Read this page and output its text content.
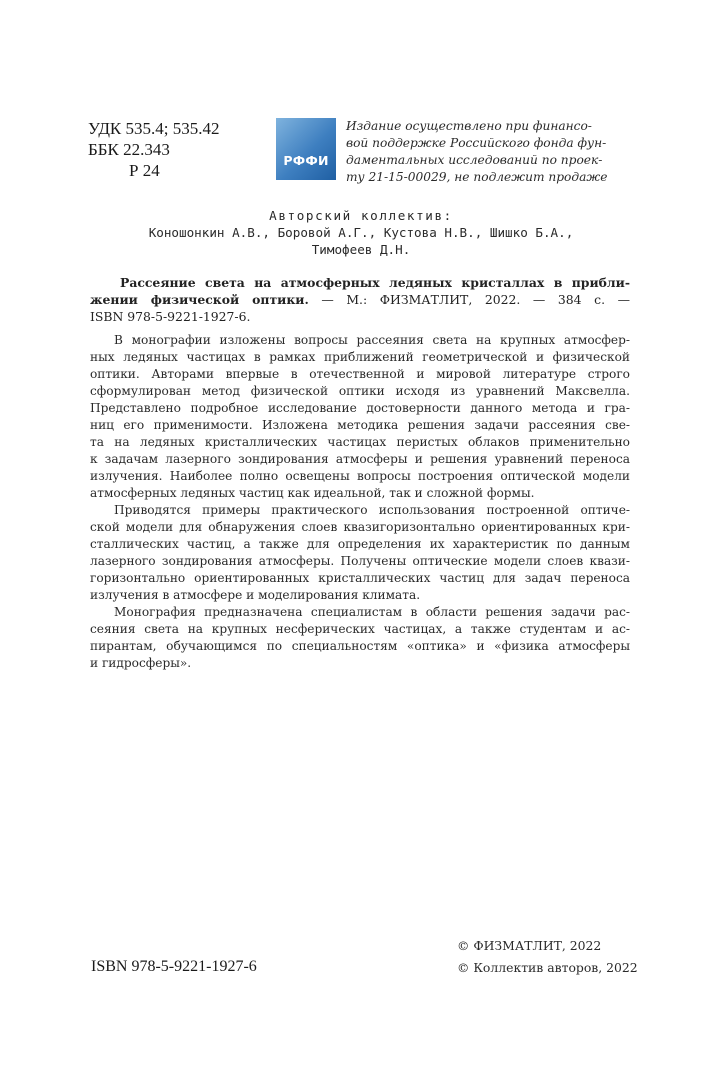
УДК 535.4; 535.42
ББК 22.343
Р 24
РФФИ
Издание осуществлено при финансо-
вой поддержке Российского фонда фун-
даментальных исследований по проек-
ту 21-15-00029, не подлежит продаже
Авторский коллектив:
Коношонкин А.В., Боровой А.Г., Кустова Н.В., Шишко Б.А.,
Тимофеев Д.Н.
Рассеяние света на атмосферных ледяных кристаллах в прибли-
жении физической оптики. — М.: ФИЗМАТЛИТ, 2022. — 384 с. —
ISBN 978-5-9221-1927-6.
В монографии изложены вопросы рассеяния света на крупных атмосфер-
ных ледяных частицах в рамках приближений геометрической и физической
оптики. Авторами впервые в отечественной и мировой литературе строго
сформулирован метод физической оптики исходя из уравнений Максвелла.
Представлено подробное исследование достоверности данного метода и гра-
ниц его применимости. Изложена методика решения задачи рассеяния све-
та на ледяных кристаллических частицах перистых облаков применительно
к задачам лазерного зондирования атмосферы и решения уравнений переноса
излучения. Наиболее полно освещены вопросы построения оптической модели
атмосферных ледяных частиц как идеальной, так и сложной формы.
Приводятся примеры практического использования построенной оптиче-
ской модели для обнаружения слоев квазигоризонтально ориентированных кри-
сталлических частиц, а также для определения их характеристик по данным
лазерного зондирования атмосферы. Получены оптические модели слоев квази-
горизонтально ориентированных кристаллических частиц для задач переноса
излучения в атмосфере и моделирования климата.
Монография предназначена специалистам в области решения задачи рас-
сеяния света на крупных несферических частицах, а также студентам и ас-
пирантам, обучающимся по специальностям «оптика» и «физика атмосферы
и гидросферы».
ISBN 978-5-9221-1927-6
© ФИЗМАТЛИТ, 2022
© Коллектив авторов, 2022
